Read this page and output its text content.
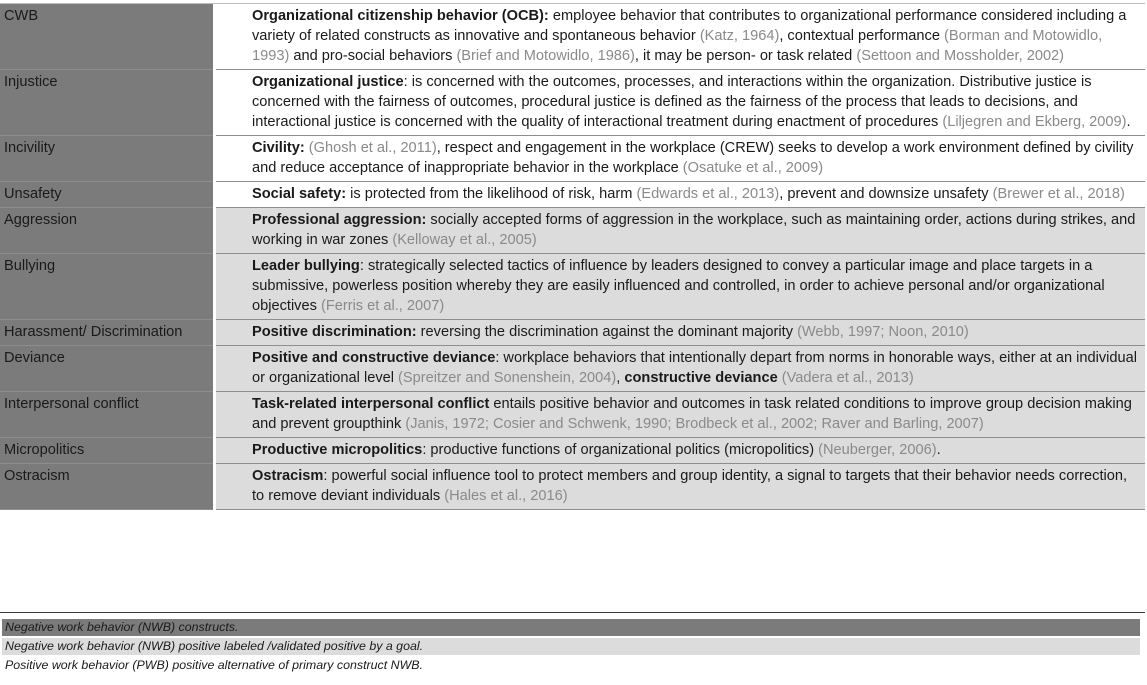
CWB	Organizational citizenship behavior (OCB): employee behavior that contributes to organizational performance considered including a variety of related constructs as innovative and spontaneous behavior (Katz, 1964), contextual performance (Borman and Motowidlo, 1993) and pro-social behaviors (Brief and Motowidlo, 1986), it may be person- or task related (Settoon and Mossholder, 2002)
Injustice	Organizational justice: is concerned with the outcomes, processes, and interactions within the organization. Distributive justice is concerned with the fairness of outcomes, procedural justice is defined as the fairness of the process that leads to decisions, and interactional justice is concerned with the quality of interactional treatment during enactment of procedures (Liljegren and Ekberg, 2009).
Incivility	Civility: (Ghosh et al., 2011), respect and engagement in the workplace (CREW) seeks to develop a work environment defined by civility and reduce acceptance of inappropriate behavior in the workplace (Osatuke et al., 2009)
Unsafety	Social safety: is protected from the likelihood of risk, harm (Edwards et al., 2013), prevent and downsize unsafety (Brewer et al., 2018)
Aggression	Professional aggression: socially accepted forms of aggression in the workplace, such as maintaining order, actions during strikes, and working in war zones (Kelloway et al., 2005)
Bullying	Leader bullying: strategically selected tactics of influence by leaders designed to convey a particular image and place targets in a submissive, powerless position whereby they are easily influenced and controlled, in order to achieve personal and/or organizational objectives (Ferris et al., 2007)
Harassment/ Discrimination	Positive discrimination: reversing the discrimination against the dominant majority (Webb, 1997; Noon, 2010)
Deviance	Positive and constructive deviance: workplace behaviors that intentionally depart from norms in honorable ways, either at an individual or organizational level (Spreitzer and Sonenshein, 2004), constructive deviance (Vadera et al., 2013)
Interpersonal conflict	Task-related interpersonal conflict entails positive behavior and outcomes in task related conditions to improve group decision making and prevent groupthink (Janis, 1972; Cosier and Schwenk, 1990; Brodbeck et al., 2002; Raver and Barling, 2007)
Micropolitics	Productive micropolitics: productive functions of organizational politics (micropolitics) (Neuberger, 2006).
Ostracism	Ostracism: powerful social influence tool to protect members and group identity, a signal to targets that their behavior needs correction, to remove deviant individuals (Hales et al., 2016)
Negative work behavior (NWB) constructs.
Negative work behavior (NWB) positive labeled /validated positive by a goal.
Positive work behavior (PWB) positive alternative of primary construct NWB.
